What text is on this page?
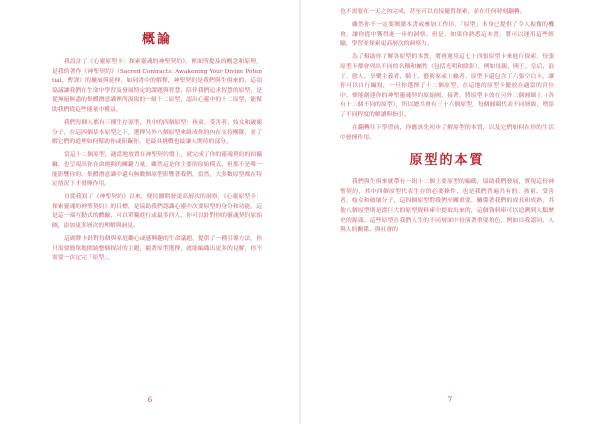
概論

我設計了《心靈原型卡：探索靈魂的神聖契約》，裡面所提及的概念和原理，是我的著作《神聖契約》（Sacred Contracts: Awakening Your Divine Potential，暫譯）的擴展與延伸。如同書中的解釋，神聖契約是我們與生俱來的，這項協議讓我們在生命中學習及發展特定的課題與智慧，陪伴我們追求智慧的原型，是從無窮無盡的集體潛意識裡所汲取的一組十二原型，認出心靈中的十二原型，能幫助我們從這些能量中獲益。

我們每個人都有三種生存原型，其中的四個原型：孩童、受害者、妓女和破壞分子，在這四個基本原型之下，選擇另外八個原型來組成你的內在支持團隊，並了解它們的道理如何幫助你或阻礙你，是最具挑戰也最讓人期待的部分。

當這十二個原型，適當地放置在神聖契約盤上，就完成了你的靈魂契約的拍攝輪，也呈現出你在命運與的關鍵力量。雖然這是你主要的原始模式，但那不是唯一能影響你的，集體潛意識中還有無數個原型影響著我們，當然，大多數原型都在特定情況下才發揮作用。

自從我寫了《神聖契約》以來，便持續開發更高層次的洞察，《心靈原型卡：探索靈魂的神聖契約》的目標，是協助我們認識心靈中次要原型的身分和功能，這是這一端互動式的體驗，可以單獨進行或最多四人，你可以針對你的靈魂契約原始圖，添加更多層次的理解與洞見。

這副牌卡針對每個與家庭觀心或感興趣的生命議題，提供了一種引導方法，你只需要簡單地圍繞整個探討的主題，隨著原型選擇，就能編織出更多的見解，你不需要一次定完「原型」，

6

也不需要在一天之內完成，甚至可以直接擺置探索，並在任何時刻翻轉。

雖然你不一定要閱讀本書或參加工作坊，「原型」本身已提供了令人振奮的機會，讓你從中獲得進一步的洞察。但是，如果你熟悉這本書，將可以運用這些經驗，學習並探索更高層次的洞察力。

為了幫助你了解各原型的本質，將會運用這七十四張原型卡來進行探索，每張原型卡都會列出不同的名稱和屬性（包括光明和陰影），例如母親、國王、皇后、浪子、戀人、享樂主義者、騎士、藝術家或上癮者。原型卡還包含了六張空白卡，讓你可以自行編寫，一旦你選擇了十二個原型，在這地的原型卡擺放在適當的宮位中，便能創建你的神聖靈魂契約原始圖，接著，將原型卡放在另外二個圓圈上（各有十二個不同的原型），所以總共會有三十六個原型，每個圓圈代表不同層級，增添了不同程度的解讀與指引。

在翻轉往下學習前，你應該先初步了解原型的本質，以及它們如何在你的生活中發揮作用。

原型的本質

我們與生俱來就帶有一組十二個主要原型的編碼，協助我們發展，實現這份神聖契約，其中四個原型代表生存的必要條件，也是我們普遍共有的：孩童、受害者、妓女和破壞分子，這四個原型對我們至關重要，關係著我們的成長和成熟，其他八個原型則是從巨大的原型資料庫中提取出來的，這個資料庫可以追溯到人類歷史的源頭。這些原型在我們人生的不同層面中扮演著重要角色，例如自我認同、人與人的關係、與社會的

7
